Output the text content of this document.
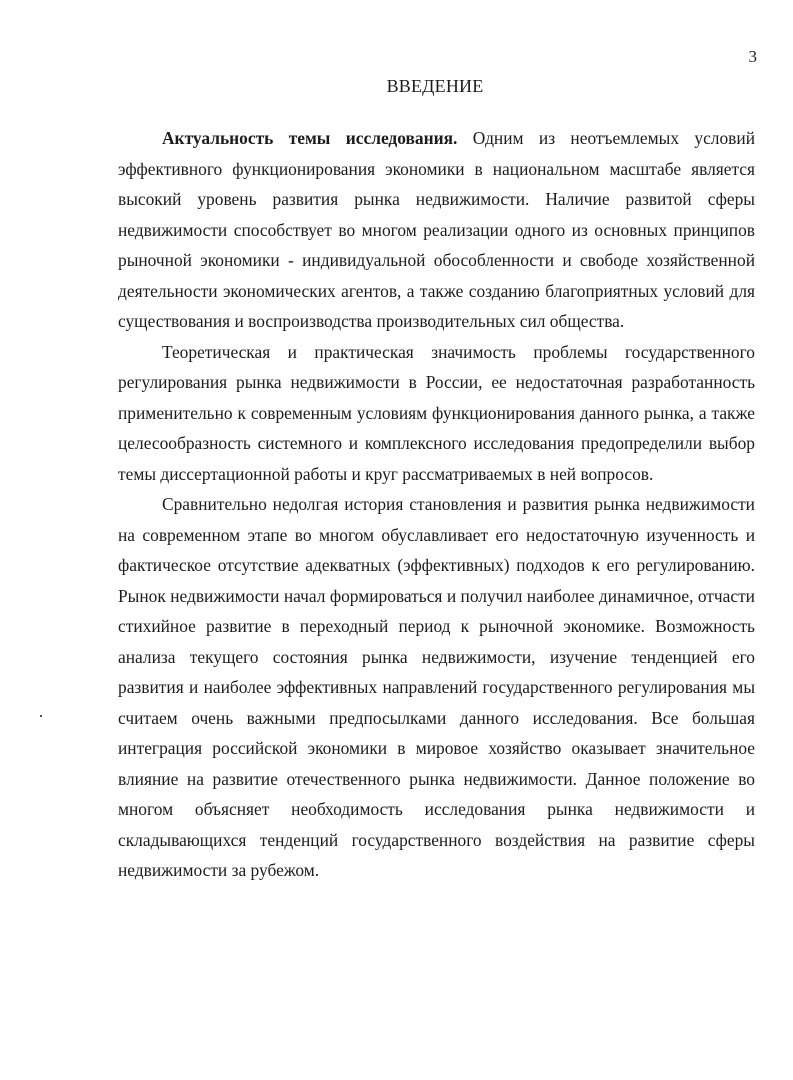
3
ВВЕДЕНИЕ

Актуальность темы исследования. Одним из неотъемлемых условий эффективного функционирования экономики в национальном масштабе является высокий уровень развития рынка недвижимости. Наличие развитой сферы недвижимости способствует во многом реализации одного из основных принципов рыночной экономики - индивидуальной обособленности и свободе хозяйственной деятельности экономических агентов, а также созданию благоприятных условий для существования и воспроизводства производительных сил общества.

Теоретическая и практическая значимость проблемы государственного регулирования рынка недвижимости в России, ее недостаточная разработанность применительно к современным условиям функционирования данного рынка, а также целесообразность системного и комплексного исследования предопределили выбор темы диссертационной работы и круг рассматриваемых в ней вопросов.

Сравнительно недолгая история становления и развития рынка недвижимости на современном этапе во многом обуславливает его недостаточную изученность и фактическое отсутствие адекватных (эффективных) подходов к его регулированию. Рынок недвижимости начал формироваться и получил наиболее динамичное, отчасти стихийное развитие в переходный период к рыночной экономике. Возможность анализа текущего состояния рынка недвижимости, изучение тенденцией его развития и наиболее эффективных направлений государственного регулирования мы считаем очень важными предпосылками данного исследования. Все большая интеграция российской экономики в мировое хозяйство оказывает значительное влияние на развитие отечественного рынка недвижимости. Данное положение во многом объясняет необходимость исследования рынка недвижимости и складывающихся тенденций государственного воздействия на развитие сферы недвижимости за рубежом.
